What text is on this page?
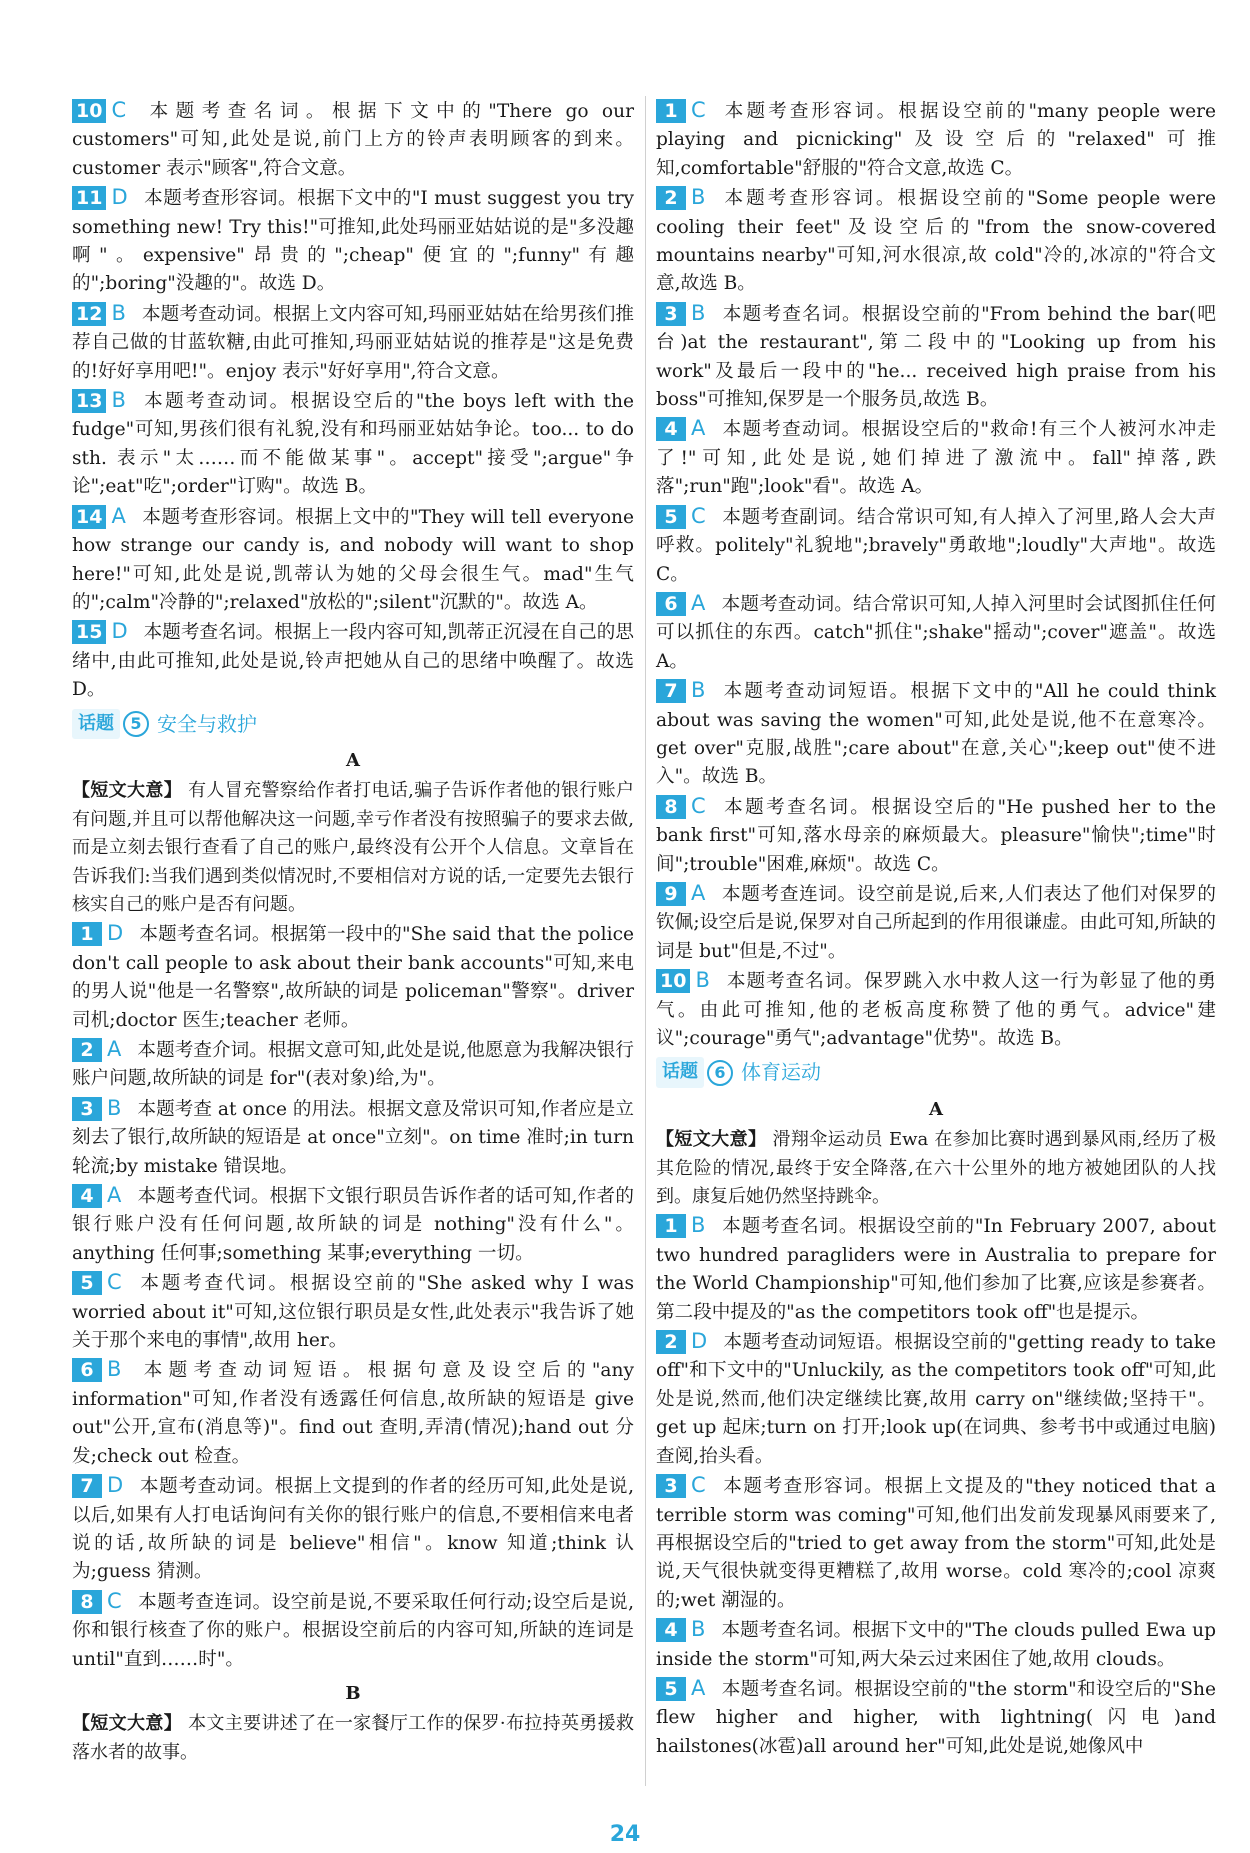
10 C 本题考查名词。根据下文中的"There go our customers"可知,此处是说,前门上方的铃声表明顾客的到来。customer 表示"顾客",符合文意。

11 D 本题考查形容词。根据下文中的"I must suggest you try something new! Try this!"可推知,此处玛丽亚姑姑说的是"多没趣啊"。expensive"昂贵的";cheap"便宜的";funny"有趣的";boring"没趣的"。故选 D。

12 B 本题考查动词。根据上文内容可知,玛丽亚姑姑在给男孩们推荐自己做的甘蓝软糖,由此可推知,玛丽亚姑姑说的推荐是"这是免费的!好好享用吧!"。enjoy 表示"好好享用",符合文意。

13 B 本题考查动词。根据设空后的"the boys left with the fudge"可知,男孩们很有礼貌,没有和玛丽亚姑姑争论。too... to do sth. 表示"太……而不能做某事"。accept"接受";argue"争论";eat"吃";order"订购"。故选 B。

14 A 本题考查形容词。根据上文中的"They will tell everyone how strange our candy is, and nobody will want to shop here!"可知,此处是说,凯蒂认为她的父母会很生气。mad"生气的";calm"冷静的";relaxed"放松的";silent"沉默的"。故选 A。

15 D 本题考查名词。根据上一段内容可知,凯蒂正沉浸在自己的思绪中,由此可推知,此处是说,铃声把她从自己的思绪中唤醒了。故选 D。

话题	5 安全与救护
A

【短文大意】 有人冒充警察给作者打电话,骗子告诉作者他的银行账户有问题,并且可以帮他解决这一问题,幸亏作者没有按照骗子的要求去做,而是立刻去银行查看了自己的账户,最终没有公开个人信息。文章旨在告诉我们:当我们遇到类似情况时,不要相信对方说的话,一定要先去银行核实自己的账户是否有问题。

1 D 本题考查名词。根据第一段中的"She said that the police don't call people to ask about their bank accounts"可知,来电的男人说"他是一名警察",故所缺的词是 policeman"警察"。driver 司机;doctor 医生;teacher 老师。

2 A 本题考查介词。根据文意可知,此处是说,他愿意为我解决银行账户问题,故所缺的词是 for"(表对象)给,为"。

3 B 本题考查 at once 的用法。根据文意及常识可知,作者应是立刻去了银行,故所缺的短语是 at once"立刻"。on time 准时;in turn 轮流;by mistake 错误地。

4 A 本题考查代词。根据下文银行职员告诉作者的话可知,作者的银行账户没有任何问题,故所缺的词是 nothing"没有什么"。anything 任何事;something 某事;everything 一切。

5 C 本题考查代词。根据设空前的"She asked why I was worried about it"可知,这位银行职员是女性,此处表示"我告诉了她关于那个来电的事情",故用 her。

6 B 本题考查动词短语。根据句意及设空后的"any information"可知,作者没有透露任何信息,故所缺的短语是 give out"公开,宣布(消息等)"。find out 查明,弄清(情况);hand out 分发;check out 检查。

7 D 本题考查动词。根据上文提到的作者的经历可知,此处是说,以后,如果有人打电话询问有关你的银行账户的信息,不要相信来电者说的话,故所缺的词是 believe"相信"。know 知道;think 认为;guess 猜测。

8 C 本题考查连词。设空前是说,不要采取任何行动;设空后是说,你和银行核查了你的账户。根据设空前后的内容可知,所缺的连词是 until"直到……时"。

B

【短文大意】 本文主要讲述了在一家餐厅工作的保罗·布拉持英勇援救落水者的故事。

1 C 本题考查形容词。根据设空前的"many people were playing and picnicking"及设空后的"relaxed"可推知,comfortable"舒服的"符合文意,故选 C。

2 B 本题考查形容词。根据设空前的"Some people were cooling their feet"及设空后的"from the snow-covered mountains nearby"可知,河水很凉,故 cold"冷的,冰凉的"符合文意,故选 B。

3 B 本题考查名词。根据设空前的"From behind the bar(吧台)at the restaurant",第二段中的"Looking up from his work"及最后一段中的"he... received high praise from his boss"可推知,保罗是一个服务员,故选 B。

4 A 本题考查动词。根据设空后的"救命!有三个人被河水冲走了!"可知,此处是说,她们掉进了激流中。fall"掉落,跌落";run"跑";look"看"。故选 A。

5 C 本题考查副词。结合常识可知,有人掉入了河里,路人会大声呼救。politely"礼貌地";bravely"勇敢地";loudly"大声地"。故选 C。

6 A 本题考查动词。结合常识可知,人掉入河里时会试图抓住任何可以抓住的东西。catch"抓住";shake"摇动";cover"遮盖"。故选 A。

7 B 本题考查动词短语。根据下文中的"All he could think about was saving the women"可知,此处是说,他不在意寒冷。get over"克服,战胜";care about"在意,关心";keep out"使不进入"。故选 B。

8 C 本题考查名词。根据设空后的"He pushed her to the bank first"可知,落水母亲的麻烦最大。pleasure"愉快";time"时间";trouble"困难,麻烦"。故选 C。

9 A 本题考查连词。设空前是说,后来,人们表达了他们对保罗的钦佩;设空后是说,保罗对自己所起到的作用很谦虚。由此可知,所缺的词是 but"但是,不过"。

10 B 本题考查名词。保罗跳入水中救人这一行为彰显了他的勇气。由此可推知,他的老板高度称赞了他的勇气。advice"建议";courage"勇气";advantage"优势"。故选 B。

话题	6 体育运动
A

【短文大意】 滑翔伞运动员 Ewa 在参加比赛时遇到暴风雨,经历了极其危险的情况,最终于安全降落,在六十公里外的地方被她团队的人找到。康复后她仍然坚持跳伞。

1 B 本题考查名词。根据设空前的"In February 2007, about two hundred paragliders were in Australia to prepare for the World Championship"可知,他们参加了比赛,应该是参赛者。第二段中提及的"as the competitors took off"也是提示。

2 D 本题考查动词短语。根据设空前的"getting ready to take off"和下文中的"Unluckily, as the competitors took off"可知,此处是说,然而,他们决定继续比赛,故用 carry on"继续做;坚持干"。get up 起床;turn on 打开;look up(在词典、参考书中或通过电脑)查阅,抬头看。

3 C 本题考查形容词。根据上文提及的"they noticed that a terrible storm was coming"可知,他们出发前发现暴风雨要来了,再根据设空后的"tried to get away from the storm"可知,此处是说,天气很快就变得更糟糕了,故用 worse。cold 寒冷的;cool 凉爽的;wet 潮湿的。

4 B 本题考查名词。根据下文中的"The clouds pulled Ewa up inside the storm"可知,两大朵云过来困住了她,故用 clouds。

5 A 本题考查名词。根据设空前的"the storm"和设空后的"She flew higher and higher, with lightning(闪电)and hailstones(冰雹)all around her"可知,此处是说,她像风中

24
